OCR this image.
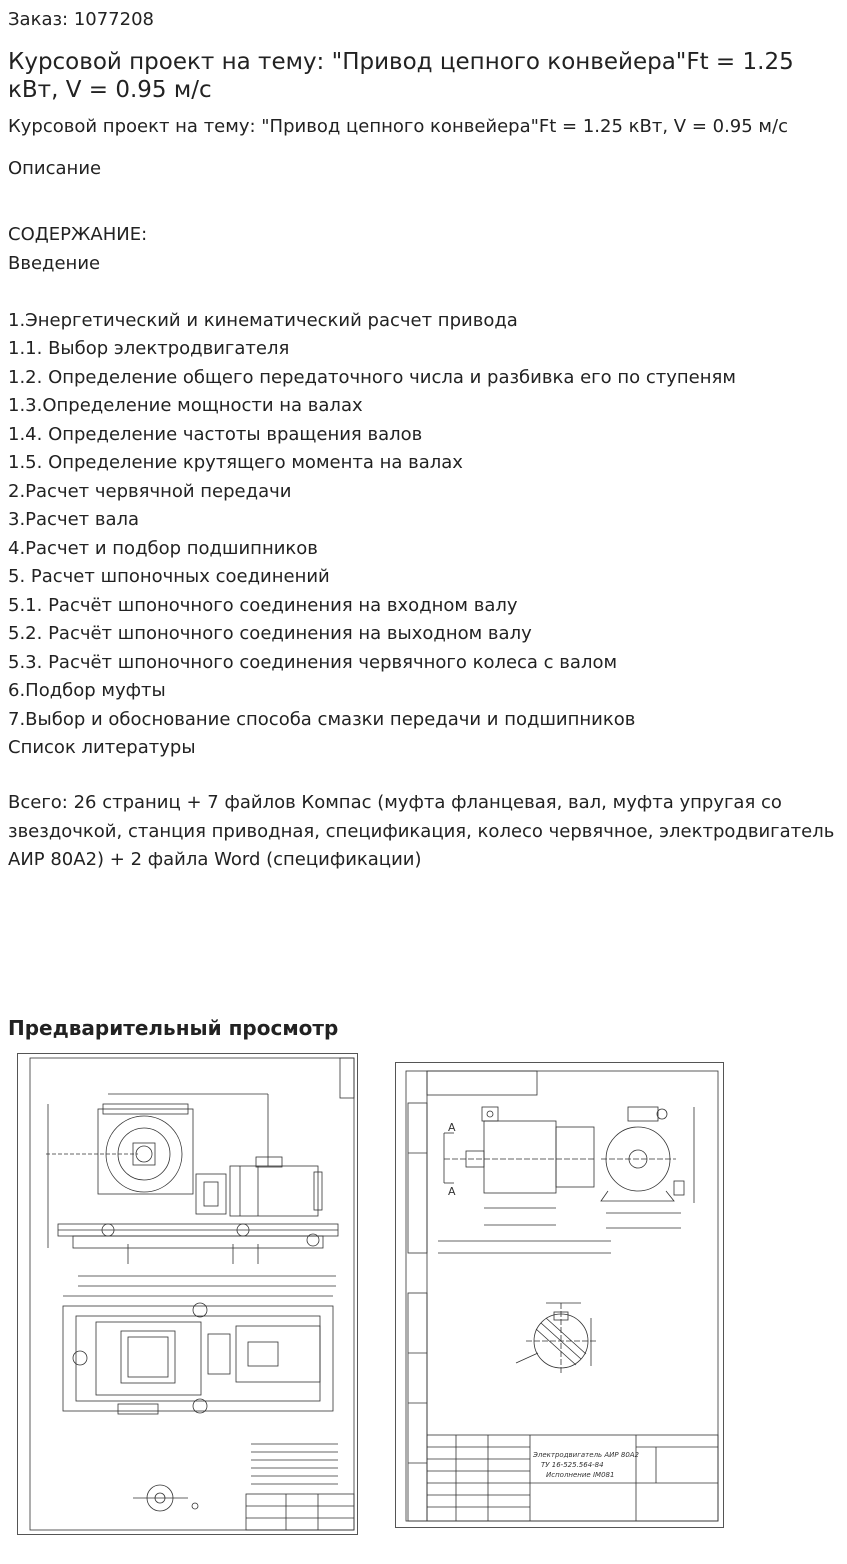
Заказ: 1077208
Курсовой проект на тему: "Привод цепного конвейера"Ft = 1.25 кВт, V = 0.95 м/с
Курсовой проект на тему: "Привод цепного конвейера"Ft = 1.25 кВт, V = 0.95 м/с
Описание
СОДЕРЖАНИЕ:
Введение
1.Энергетический и кинематический расчет привода
1.1. Выбор электродвигателя
1.2. Определение общего передаточного числа и разбивка его по ступеням
1.3.Определение мощности на валах
1.4. Определение частоты вращения валов
1.5. Определение крутящего момента на валах
2.Расчет червячной передачи
3.Расчет вала
4.Расчет и подбор подшипников
5. Расчет шпоночных соединений
5.1. Расчёт шпоночного соединения на входном валу
5.2. Расчёт шпоночного соединения на выходном валу
5.3. Расчёт шпоночного соединения червячного колеса с валом
6.Подбор муфты
7.Выбор и обоснование способа смазки передачи и подшипников
Список литературы
Всего: 26 страниц + 7 файлов Компас (муфта фланцевая, вал, муфта упругая со звездочкой, станция приводная, спецификация, колесо червячное, электродвигатель АИР 80А2) + 2 файла Word (спецификации)
Предварительный просмотр
А
А
Электродвигатель АИР 80А2
ТУ 16-525.564-84
Исполнение IM081
